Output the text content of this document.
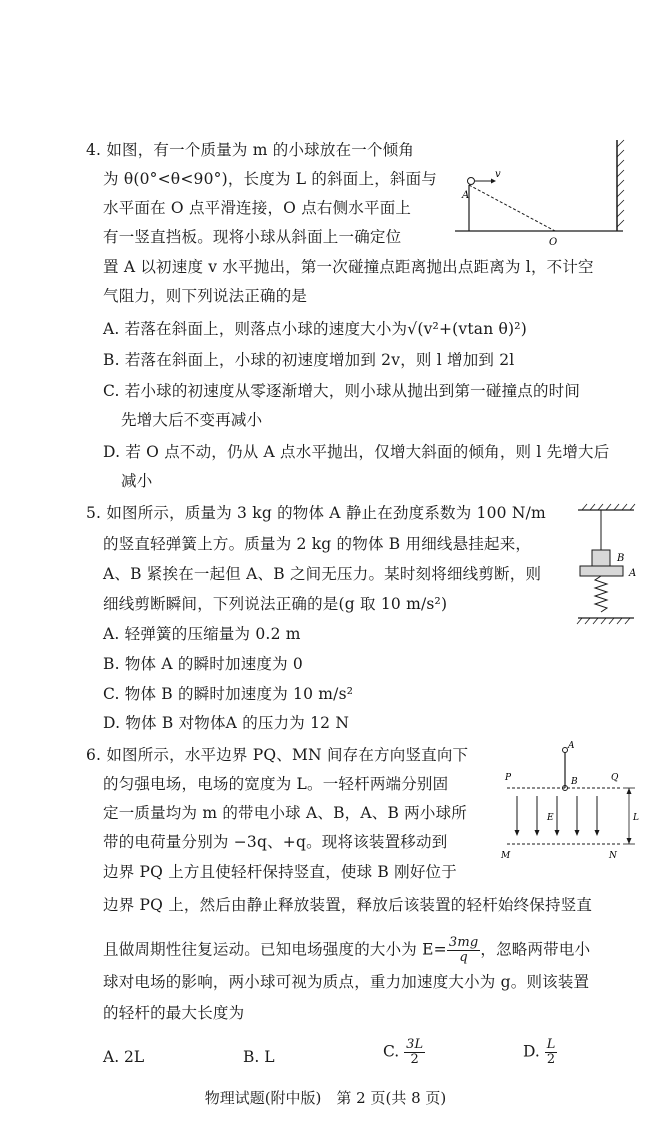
4. 如图，有一个质量为 m 的小球放在一个倾角
为 θ(0°<θ<90°)，长度为 L 的斜面上，斜面与
水平面在 O 点平滑连接，O 点右侧水平面上
有一竖直挡板。现将小球从斜面上一确定位
置 A 以初速度 v 水平抛出，第一次碰撞点距离抛出点距离为 l，不计空
气阻力，则下列说法正确的是
A. 若落在斜面上，则落点小球的速度大小为√(v²+(vtan θ)²)
B. 若落在斜面上，小球的初速度增加到 2v，则 l 增加到 2l
C. 若小球的初速度从零逐渐增大，则小球从抛出到第一碰撞点的时间
先增大后不变再减小
D. 若 O 点不动，仍从 A 点水平抛出，仅增大斜面的倾角，则 l 先增大后
减小
v
A
O
5. 如图所示，质量为 3 kg 的物体 A 静止在劲度系数为 100 N/m
的竖直轻弹簧上方。质量为 2 kg 的物体 B 用细线悬挂起来，
A、B 紧挨在一起但 A、B 之间无压力。某时刻将细线剪断，则
细线剪断瞬间，下列说法正确的是(g 取 10 m/s²)
A. 轻弹簧的压缩量为 0.2 m
B. 物体 A 的瞬时加速度为 0
C. 物体 B 的瞬时加速度为 10 m/s²
D. 物体 B 对物体A 的压力为 12 N
B
A
6. 如图所示，水平边界 PQ、MN 间存在方向竖直向下
的匀强电场，电场的宽度为 L。一轻杆两端分别固
定一质量均为 m 的带电小球 A、B，A、B 两小球所
带的电荷量分别为 −3q、+q。现将该装置移动到
边界 PQ 上方且使轻杆保持竖直，使球 B 刚好位于
边界 PQ 上，然后由静止释放装置，释放后该装置的轻杆始终保持竖直
且做周期性往复运动。已知电场强度的大小为 $E= \frac{3mg}{q}$ ，忽略两带电小
球对电场的影响，两小球可视为质点，重力加速度大小为 g。则该装置
的轻杆的最大长度为
A. 2L	B. L	C. $\frac{3L}{2}$	D. $\frac{L}{2}$
A
B
P	Q
M	N
E	L
物理试题(附中版)　第 2 页(共 8 页)
